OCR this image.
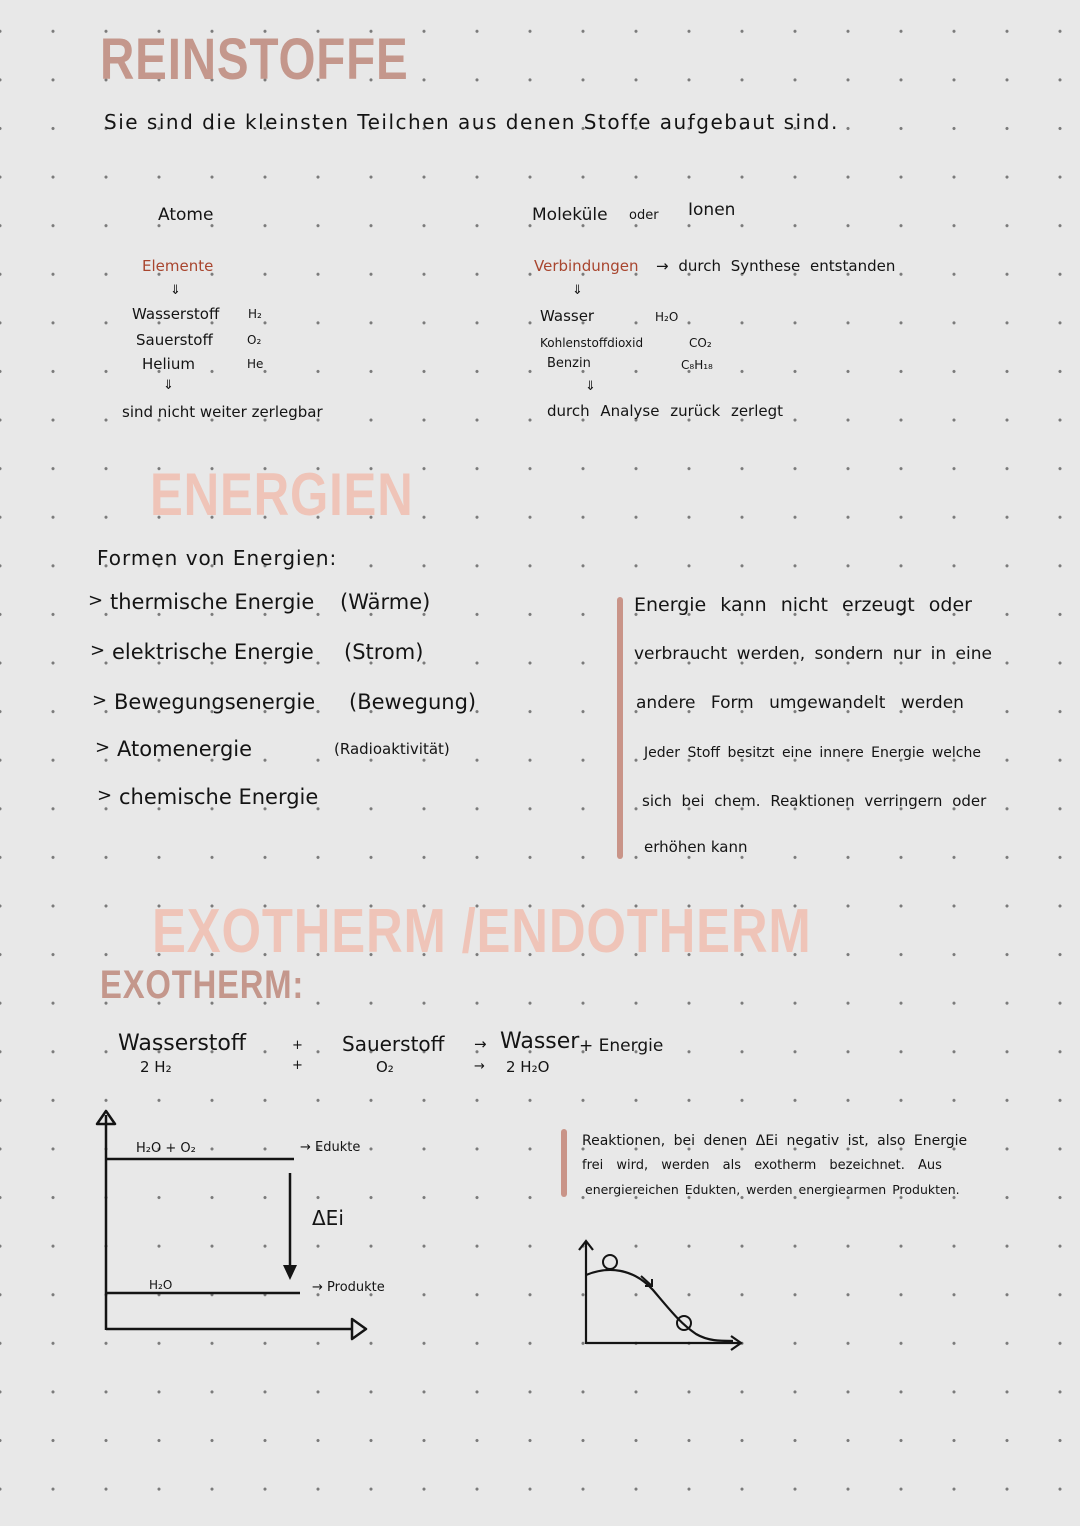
REINSTOFFE
Sie sind die kleinsten Teilchen aus denen Stoffe aufgebaut sind.
Atome
Elemente
⇓
Wasserstoff H₂
Sauerstoff	O₂
Helium	He
⇓
sind nicht weiter zerlegbar
Moleküle oder Ionen
Verbindungen → durch Synthese entstanden
⇓
Wasser	H₂O
Kohlenstoffdioxid	CO₂
Benzin	C₈H₁₈
⇓
durch Analyse zurück zerlegt
ENERGIEN
Formen von Energien:
> thermische Energie	(Wärme)
> elektrische Energie	(Strom)
> Bewegungsenergie	(Bewegung)
> Atomenergie	(Radioaktivität)
> chemische Energie
Energie kann nicht erzeugt oder
verbraucht werden, sondern nur in eine
andere Form umgewandelt werden
Jeder Stoff besitzt eine innere Energie welche
sich bei chem. Reaktionen verringern oder
erhöhen kann
EXOTHERM /ENDOTHERM
EXOTHERM:
Wasserstoff	+ Sauerstoff → Wasser + Energie
2 H₂	+	O₂	→ 2 H₂O
H₂O + O₂	→ Edukte
ΔEi
H₂O	→ Produkte
Reaktionen, bei denen ΔEi negativ ist, also Energie
frei wird, werden als exotherm bezeichnet. Aus
energiereichen Edukten, werden energiearmen Produkten.
